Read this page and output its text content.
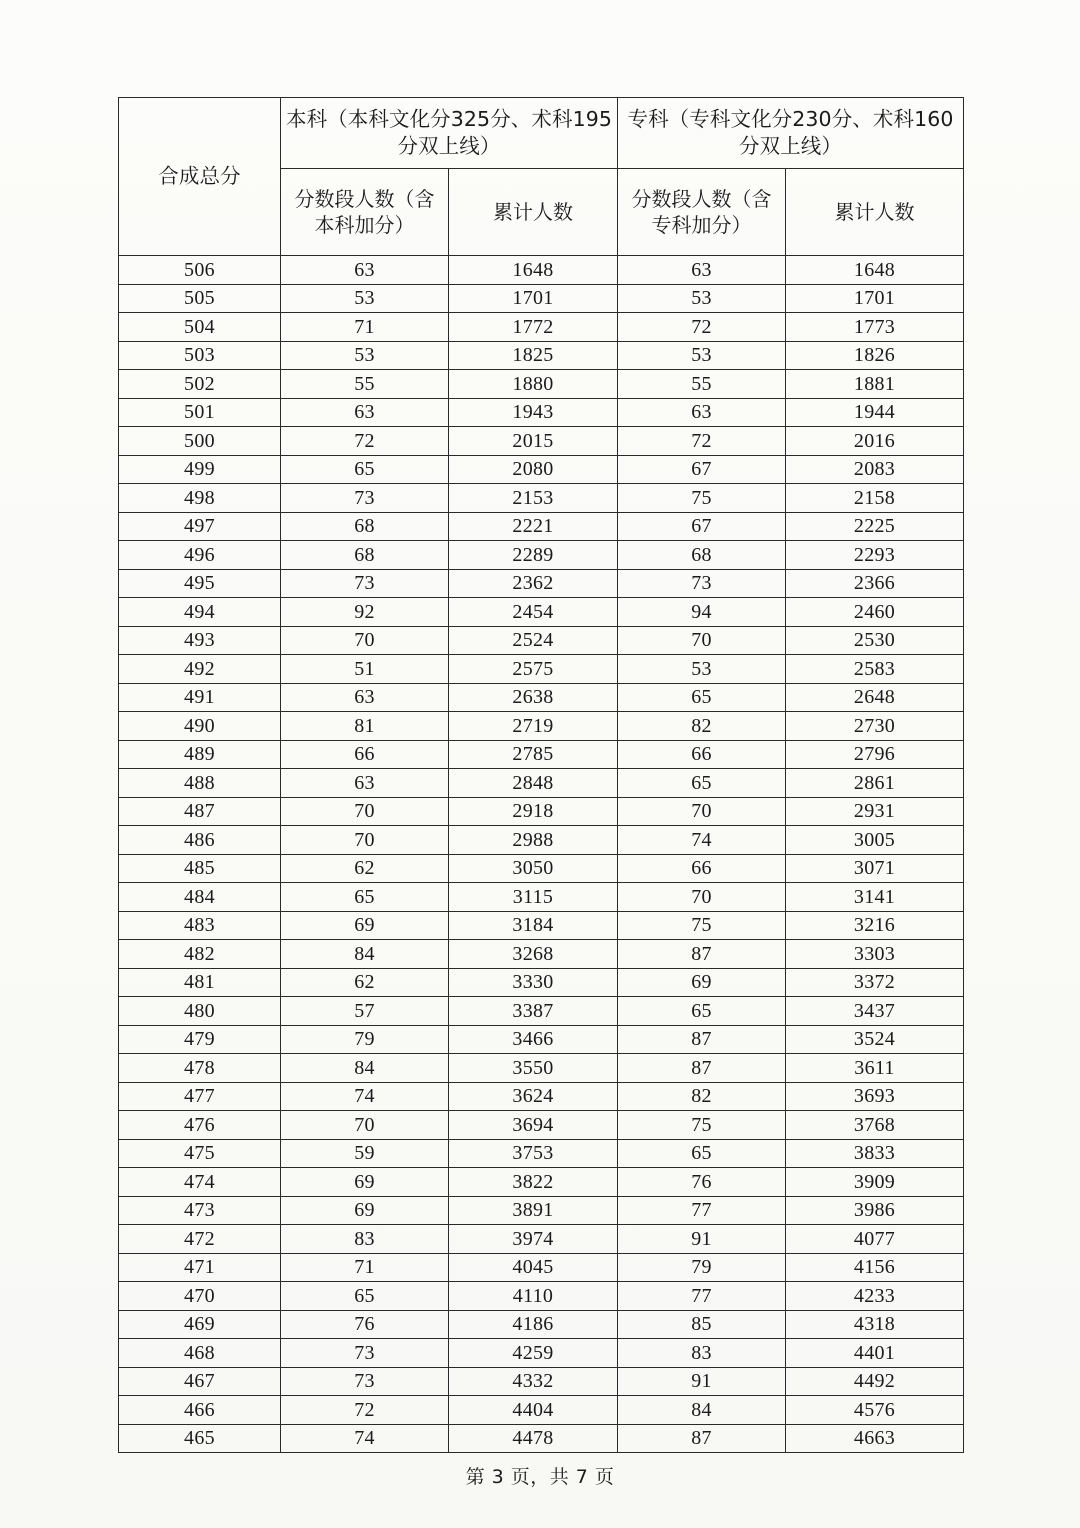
合成总分	本科（本科文化分325分、术科195分双上线）		专科（专科文化分230分、术科160分双上线）	
	分数段人数（含本科加分）	累计人数	分数段人数（含专科加分）	累计人数
506	63	1648	63	1648
505	53	1701	53	1701
504	71	1772	72	1773
503	53	1825	53	1826
502	55	1880	55	1881
501	63	1943	63	1944
500	72	2015	72	2016
499	65	2080	67	2083
498	73	2153	75	2158
497	68	2221	67	2225
496	68	2289	68	2293
495	73	2362	73	2366
494	92	2454	94	2460
493	70	2524	70	2530
492	51	2575	53	2583
491	63	2638	65	2648
490	81	2719	82	2730
489	66	2785	66	2796
488	63	2848	65	2861
487	70	2918	70	2931
486	70	2988	74	3005
485	62	3050	66	3071
484	65	3115	70	3141
483	69	3184	75	3216
482	84	3268	87	3303
481	62	3330	69	3372
480	57	3387	65	3437
479	79	3466	87	3524
478	84	3550	87	3611
477	74	3624	82	3693
476	70	3694	75	3768
475	59	3753	65	3833
474	69	3822	76	3909
473	69	3891	77	3986
472	83	3974	91	4077
471	71	4045	79	4156
470	65	4110	77	4233
469	76	4186	85	4318
468	73	4259	83	4401
467	73	4332	91	4492
466	72	4404	84	4576
465	74	4478	87	4663
第 3 页，共 7 页
